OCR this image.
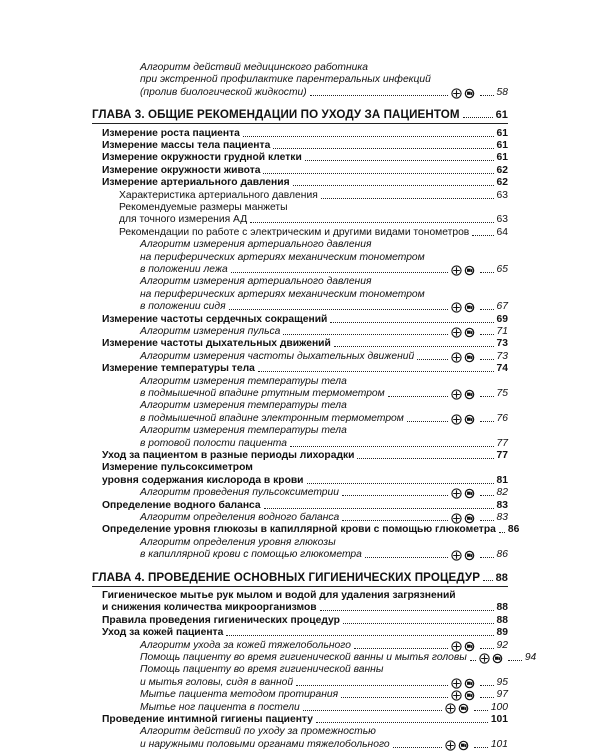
Алгоритм действий медицинского работника
при экстренной профилактике парентеральных инфекций
(пролив биологической жидкости)	58
ГЛАВА 3. ОБЩИЕ РЕКОМЕНДАЦИИ ПО УХОДУ ЗА ПАЦИЕНТОМ	61
Измерение роста пациента	61
Измерение массы тела пациента	61
Измерение окружности грудной клетки	61
Измерение окружности живота	62
Измерение артериального давления	62
Характеристика артериального давления	63
Рекомендуемые размеры манжеты
для точного измерения АД	63
Рекомендации по работе с электрическим и другими видами тонометров	64
Алгоритм измерения артериального давления
на периферических артериях механическим тонометром
в положении лежа	65
Алгоритм измерения артериального давления
на периферических артериях механическим тонометром
в положении сидя	67
Измерение частоты сердечных сокращений	69
Алгоритм измерения пульса	71
Измерение частоты дыхательных движений	73
Алгоритм измерения частоты дыхательных движений	73
Измерение температуры тела	74
Алгоритм измерения температуры тела
в подмышечной впадине ртутным термометром	75
Алгоритм измерения температуры тела
в подмышечной впадине электронным термометром	76
Алгоритм измерения температуры тела
в ротовой полости пациента	77
Уход за пациентом в разные периоды лихорадки	77
Измерение пульсоксиметром
уровня содержания кислорода в крови	81
Алгоритм проведения пульсоксиметрии	82
Определение водного баланса	83
Алгоритм определения водного баланса	83
Определение уровня глюкозы в капиллярной крови с помощью глюкометра 86
Алгоритм определения уровня глюкозы
в капиллярной крови с помощью глюкометра	86
ГЛАВА 4. ПРОВЕДЕНИЕ ОСНОВНЫХ ГИГИЕНИЧЕСКИХ ПРОЦЕДУР 88
Гигиеническое мытье рук мылом и водой для удаления загрязнений
и снижения количества микроорганизмов	88
Правила проведения гигиенических процедур	88
Уход за кожей пациента	89
Алгоритм ухода за кожей тяжелобольного	92
Помощь пациенту во время гигиенической ванны и мытья головы	94
Помощь пациенту во время гигиенической ванны
и мытья головы, сидя в ванной	95
Мытье пациента методом протирания	97
Мытье ног пациента в постели	100
Проведение интимной гигиены пациенту	101
Алгоритм действий по уходу за промежностью
и наружными половыми органами тяжелобольного	101
